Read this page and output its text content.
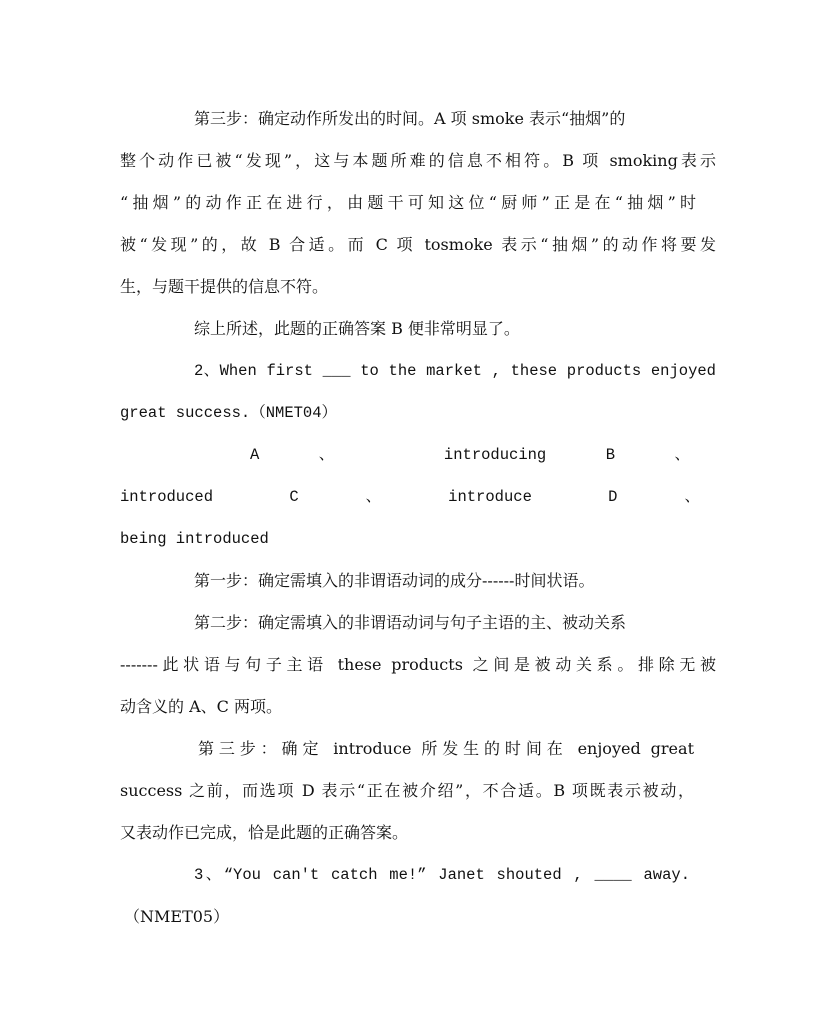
第三步：确定动作所发出的时间。A 项 smoke 表示“抽烟”的
整个动作已被“发现”，这与本题所难的信息不相符。B 项 smoking表示
“抽烟”的动作正在进行，由题干可知这位“厨师”正是在“抽烟”时
被“发现”的，故 B 合适。而 C 项 tosmoke 表示“抽烟”的动作将要发
生，与题干提供的信息不符。
综上所述，此题的正确答案 B 便非常明显了。
2、When first ___ to the market , these products enjoyed
great success.（NMET04）
A 、 introducing B 、
introduced C、introduce D、
being introduced
第一步：确定需填入的非谓语动词的成分------时间状语。
第二步：确定需填入的非谓语动词与句子主语的主、被动关系
-------此状语与句子主语 these products 之间是被动关系。排除无被
动含义的 A、C 两项。
第三步：确定 introduce 所发生的时间在 enjoyed great
success 之前，而选项 D 表示“正在被介绍”，不合适。B 项既表示被动，
又表动作已完成，恰是此题的正确答案。
3、“You can't catch me!” Janet shouted , ____ away.
（NMET05）
